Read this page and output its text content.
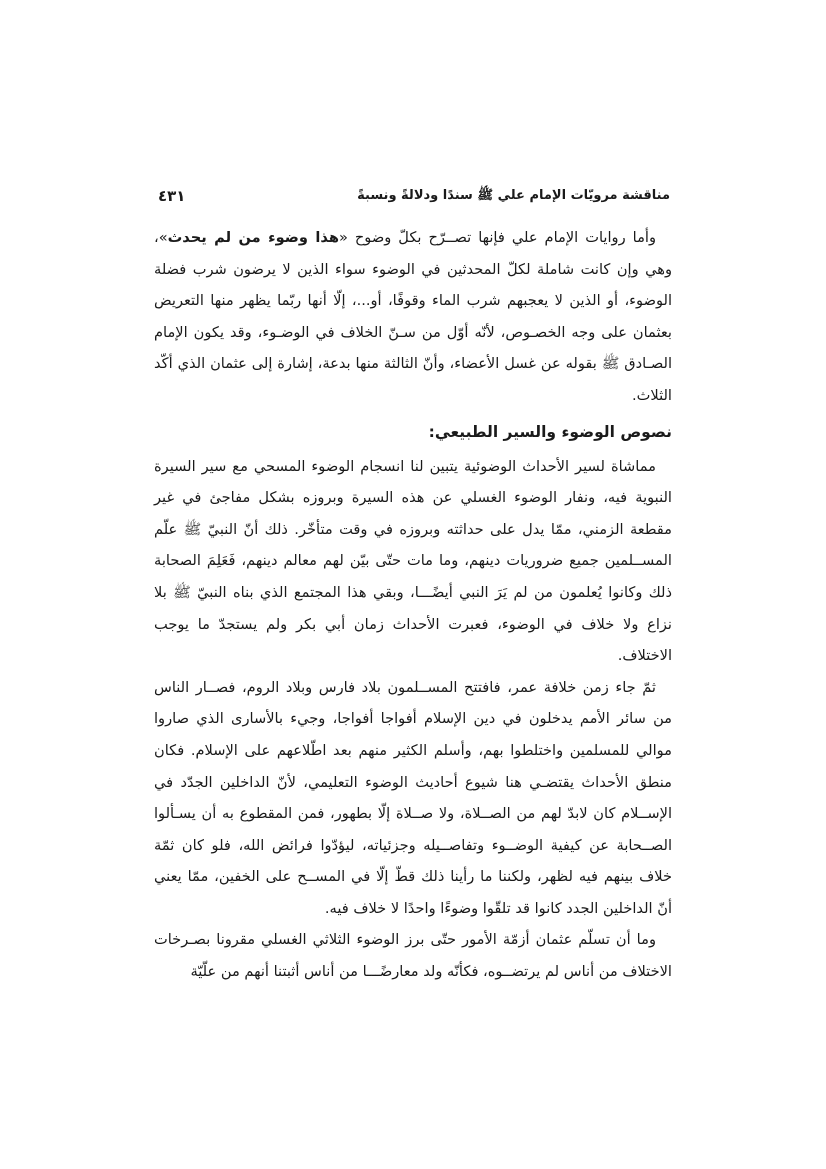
مناقشة مرويّات الإمام علي ﷺ سندًا ودلالةً ونسبةً
٤٣١

وأما روايات الإمام علي فإنها تصــرّح بكلّ وضوح «هذا وضوء من لم يحدث»، وهي وإن كانت شاملة لكلّ المحدثين في الوضوء سواء الذين لا يرضون شرب فضلة الوضوء، أو الذين لا يعجبهم شرب الماء وقوفًا، أو...، إلّا أنها ربّما يظهر منها التعريض بعثمان على وجه الخصـوص، لأنّه أوّل من سـنّ الخلاف في الوضـوء، وقد يكون الإمام الصـادق ﷺ بقوله عن غسل الأعضاء، وأنّ الثالثة منها بدعة، إشارة إلى عثمان الذي أكّد الثلاث.

نصوص الوضوء والسير الطبيعي:

مماشاة لسير الأحداث الوضوئية يتبين لنا انسجام الوضوء المسحي مع سير السيرة النبوية فيه، ونفار الوضوء الغسلي عن هذه السيرة وبروزه بشكل مفاجئ في غير مقطعة الزمني، ممّا يدل على حداثته وبروزه في وقت متأخّر. ذلك أنّ النبيّ ﷺ علّم المســلمين جميع ضروريات دينهم، وما مات حتّى بيّن لهم معالم دينهم، فَعَلِمَ الصحابة ذلك وكانوا يُعلمون من لم يَرَ النبي أيضًـــا، وبقي هذا المجتمع الذي بناه النبيّ ﷺ بلا نزاع ولا خلاف في الوضوء، فعبرت الأحداث زمان أبي بكر ولم يستجدّ ما يوجب الاختلاف.

ثمّ جاء زمن خلافة عمر، فافتتح المســلمون بلاد فارس وبلاد الروم، فصــار الناس من سائر الأمم يدخلون في دين الإسلام أفواجا أفواجا، وجيء بالأسارى الذي صاروا موالي للمسلمين واختلطوا بهم، وأسلم الكثير منهم بعد اطّلاعهم على الإسلام. فكان منطق الأحداث يقتضـي هنا شيوع أحاديث الوضوء التعليمي، لأنّ الداخلين الجدّد في الإســلام كان لابدّ لهم من الصــلاة، ولا صــلاة إلّا بطهور، فمن المقطوع به أن يسـألوا الصــحابة عن كيفية الوضــوء وتفاصــيله وجزئياته، ليؤدّوا فرائض الله، فلو كان ثمّة خلاف بينهم فيه لظهر، ولكننا ما رأينا ذلك قطّ إلّا في المســح على الخفين، ممّا يعني أنّ الداخلين الجدد كانوا قد تلقّوا وضوءًا واحدًا لا خلاف فيه.

وما أن تسلّم عثمان أزمّة الأمور حتّى برز الوضوء الثلاثي الغسلي مقرونا بصـرخات الاختلاف من أناس لم يرتضــوه، فكأنّه ولد معارضًـــا من أناس أثبتنا أنهم من علّيّة
